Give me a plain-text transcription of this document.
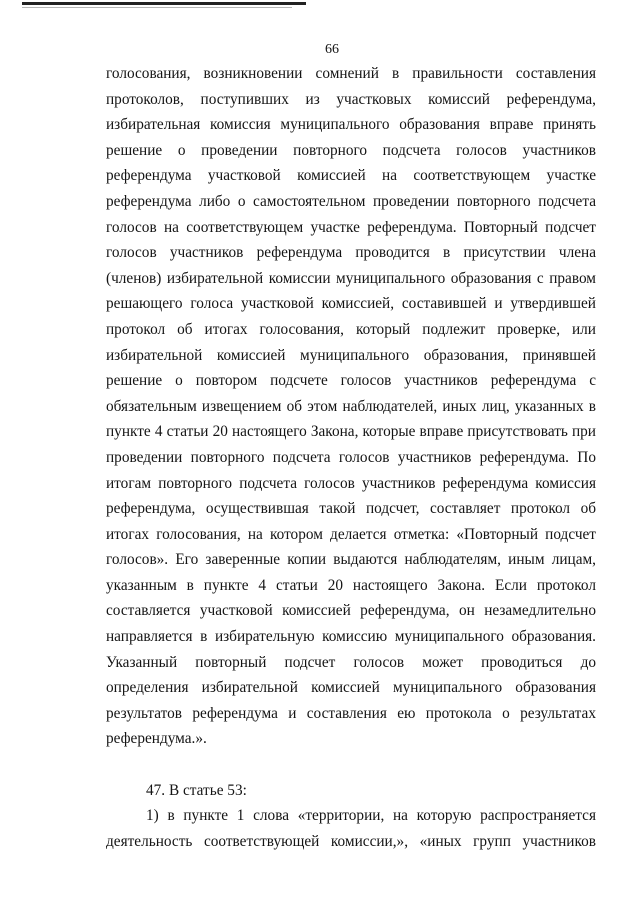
66

голосования, возникновении сомнений в правильности составления протоколов, поступивших из участковых комиссий референдума, избирательная комиссия муниципального образования вправе принять решение о проведении повторного подсчета голосов участников референдума участковой комиссией на соответствующем участке референдума либо о самостоятельном проведении повторного подсчета голосов на соответствующем участке референдума. Повторный подсчет голосов участников референдума проводится в присутствии члена (членов) избирательной комиссии муниципального образования с правом решающего голоса участковой комиссией, составившей и утвердившей протокол об итогах голосования, который подлежит проверке, или избирательной комиссией муниципального образования, принявшей решение о повтором подсчете голосов участников референдума с обязательным извещением об этом наблюдателей, иных лиц, указанных в пункте 4 статьи 20 настоящего Закона, которые вправе присутствовать при проведении повторного подсчета голосов участников референдума. По итогам повторного подсчета голосов участников референдума комиссия референдума, осуществившая такой подсчет, составляет протокол об итогах голосования, на котором делается отметка: «Повторный подсчет голосов». Его заверенные копии выдаются наблюдателям, иным лицам, указанным в пункте 4 статьи 20 настоящего Закона. Если протокол составляется участковой комиссией референдума, он незамедлительно направляется в избирательную комиссию муниципального образования. Указанный повторный подсчет голосов может проводиться до определения избирательной комиссией муниципального образования результатов референдума и составления ею протокола о результатах референдума.».

47. В статье 53:

1) в пункте 1 слова «территории, на которую распространяется деятельность соответствующей комиссии,», «иных групп участников
